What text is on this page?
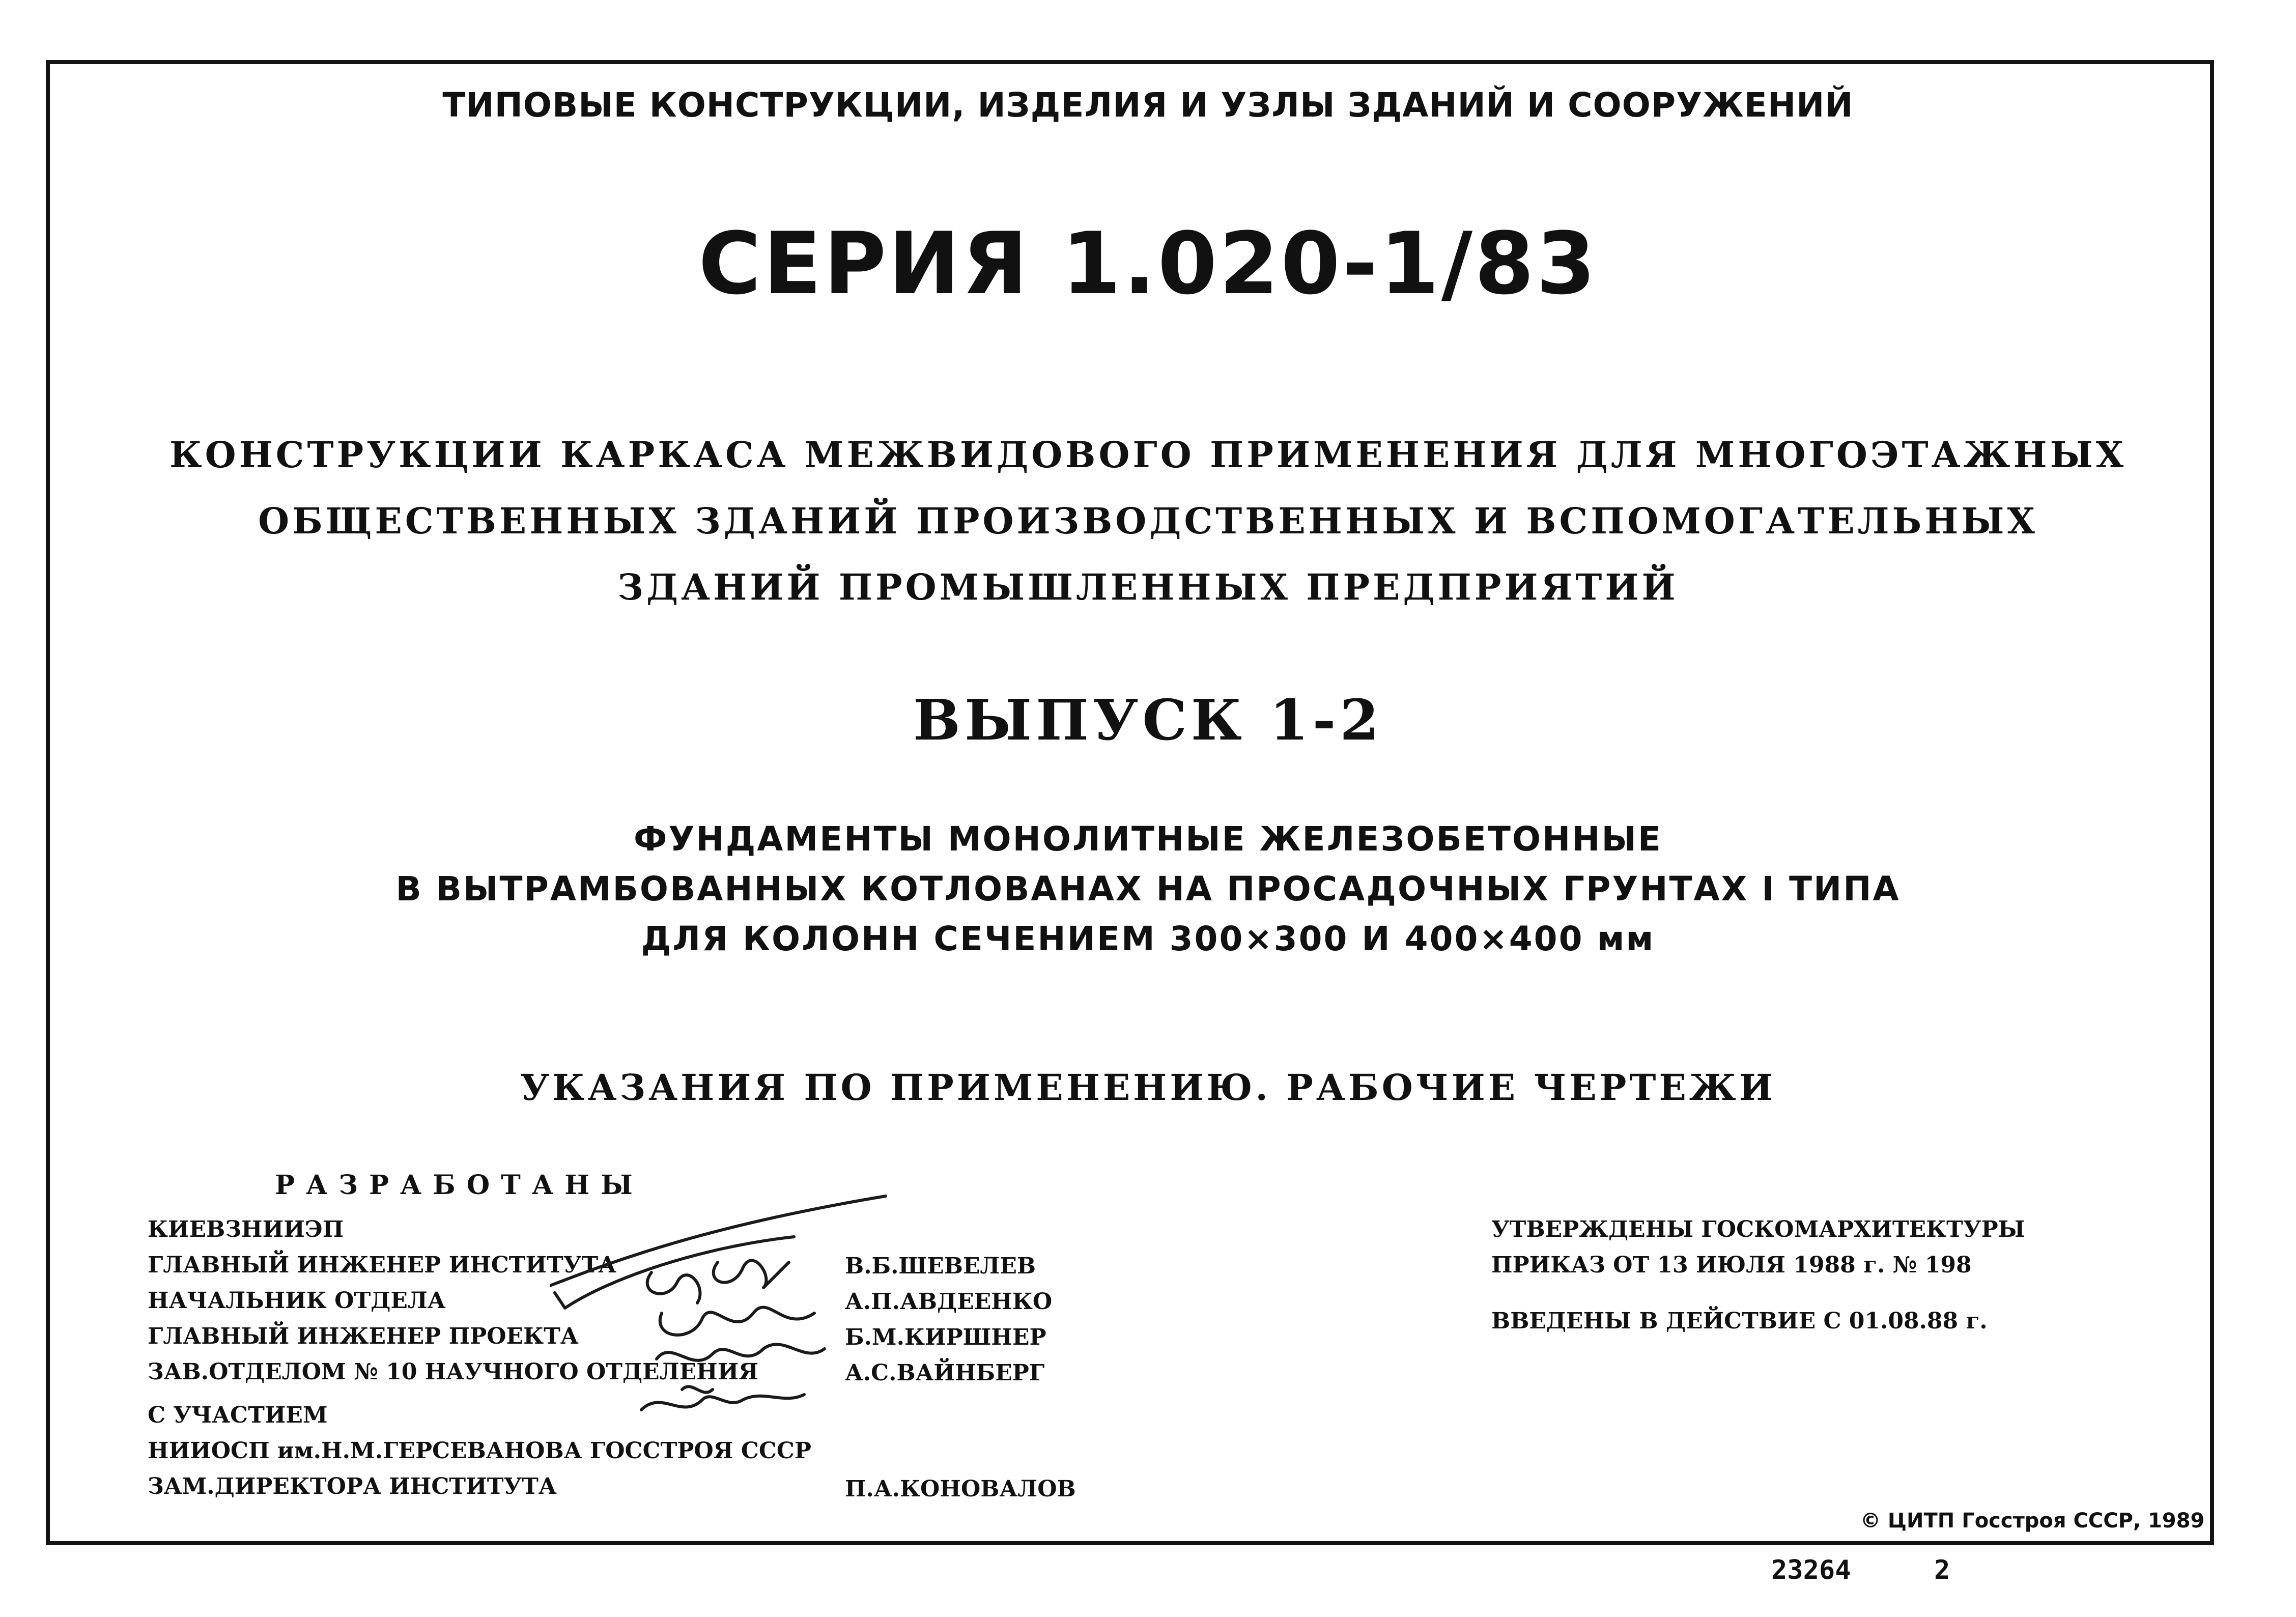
ТИПОВЫЕ КОНСТРУКЦИИ, ИЗДЕЛИЯ И УЗЛЫ ЗДАНИЙ И СООРУЖЕНИЙ
СЕРИЯ 1.020-1/83
КОНСТРУКЦИИ КАРКАСА МЕЖВИДОВОГО ПРИМЕНЕНИЯ ДЛЯ МНОГОЭТАЖНЫХ
ОБЩЕСТВЕННЫХ ЗДАНИЙ ПРОИЗВОДСТВЕННЫХ И ВСПОМОГАТЕЛЬНЫХ
ЗДАНИЙ ПРОМЫШЛЕННЫХ ПРЕДПРИЯТИЙ
ВЫПУСК 1-2
ФУНДАМЕНТЫ МОНОЛИТНЫЕ ЖЕЛЕЗОБЕТОННЫЕ
В ВЫТРАМБОВАННЫХ КОТЛОВАНАХ НА ПРОСАДОЧНЫХ ГРУНТАХ I ТИПА
ДЛЯ КОЛОНН СЕЧЕНИЕМ 300×300 И 400×400 мм
УКАЗАНИЯ ПО ПРИМЕНЕНИЮ. РАБОЧИЕ ЧЕРТЕЖИ
РАЗРАБОТАНЫ
КИЕВЗНИИЭП
ГЛАВНЫЙ ИНЖЕНЕР ИНСТИТУТА
НАЧАЛЬНИК ОТДЕЛА
ГЛАВНЫЙ ИНЖЕНЕР ПРОЕКТА
ЗАВ.ОТДЕЛОМ № 10 НАУЧНОГО ОТДЕЛЕНИЯ
В.Б.ШЕВЕЛЕВ
А.П.АВДЕЕНКО
Б.М.КИРШНЕР
А.С.ВАЙНБЕРГ
С УЧАСТИЕМ
НИИОСП им.Н.М.ГЕРСЕВАНОВА ГОССТРОЯ СССР
ЗАМ.ДИРЕКТОРА ИНСТИТУТА	П.А.КОНОВАЛОВ
УТВЕРЖДЕНЫ ГОСКОМАРХИТЕКТУРЫ
ПРИКАЗ ОТ 13 ИЮЛЯ 1988 г. № 198
ВВЕДЕНЫ В ДЕЙСТВИЕ С 01.08.88 г.
© ЦИТП Госстроя СССР, 1989
23264	2
